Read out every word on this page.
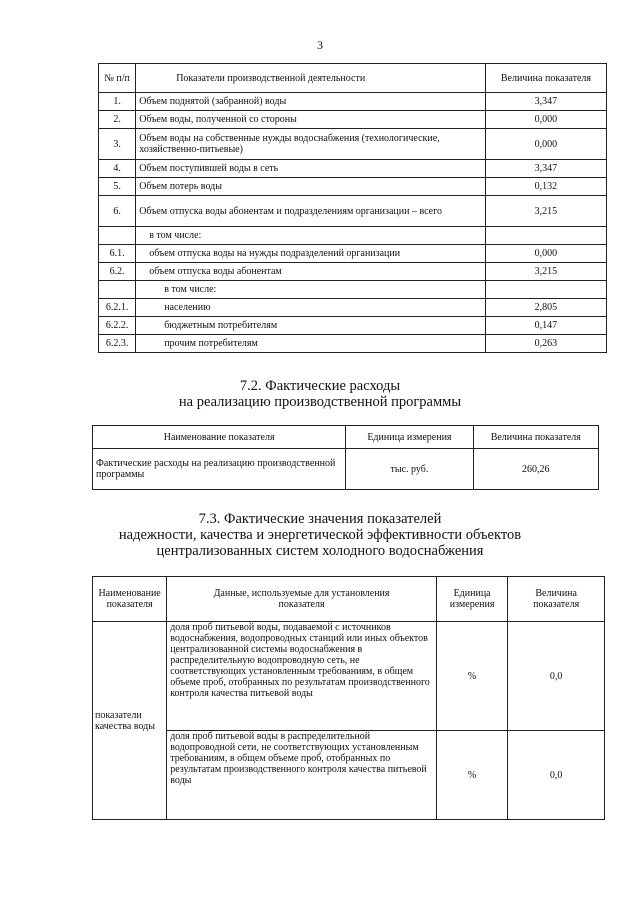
3
№ п/п	Показатели производственной деятельности	Величина показателя
1.	Объем поднятой (забранной) воды	3,347
2.	Объем воды, полученной со стороны	0,000
3.	Объем воды на собственные нужды водоснабжения (технологические, хозяйственно-питьевые)	0,000
4.	Объем поступившей воды в сеть	3,347
5.	Объем потерь воды	0,132
6.	Объем отпуска воды абонентам и подразделениям организации – всего	3,215
	в том числе:	
6.1.	объем отпуска воды на нужды подразделений организации	0,000
6.2.	объем отпуска воды абонентам	3,215
	в том числе:	
6.2.1.	населению	2,805
6.2.2.	бюджетным потребителям	0,147
6.2.3.	прочим потребителям	0,263
7.2. Фактические расходы
на реализацию производственной программы
Наименование показателя	Единица измерения	Величина показателя
Фактические расходы на реализацию производственной программы	тыс. руб.	260,26
7.3. Фактические значения показателей
надежности, качества и энергетической эффективности объектов
централизованных систем холодного водоснабжения
Наименование показателя	Данные, используемые для установления показателя	Единица измерения	Величина показателя
показатели качества воды	доля проб питьевой воды, подаваемой с источников водоснабжения, водопроводных станций или иных объектов централизованной системы водоснабжения в распределительную водопроводную сеть, не соответствующих установленным требованиям, в общем объеме проб, отобранных по результатам производственного контроля качества питьевой воды	%	0,0
	доля проб питьевой воды в распределительной водопроводной сети, не соответствующих установленным требованиям, в общем объеме проб, отобранных по результатам производственного контроля качества питьевой воды	%	0,0
